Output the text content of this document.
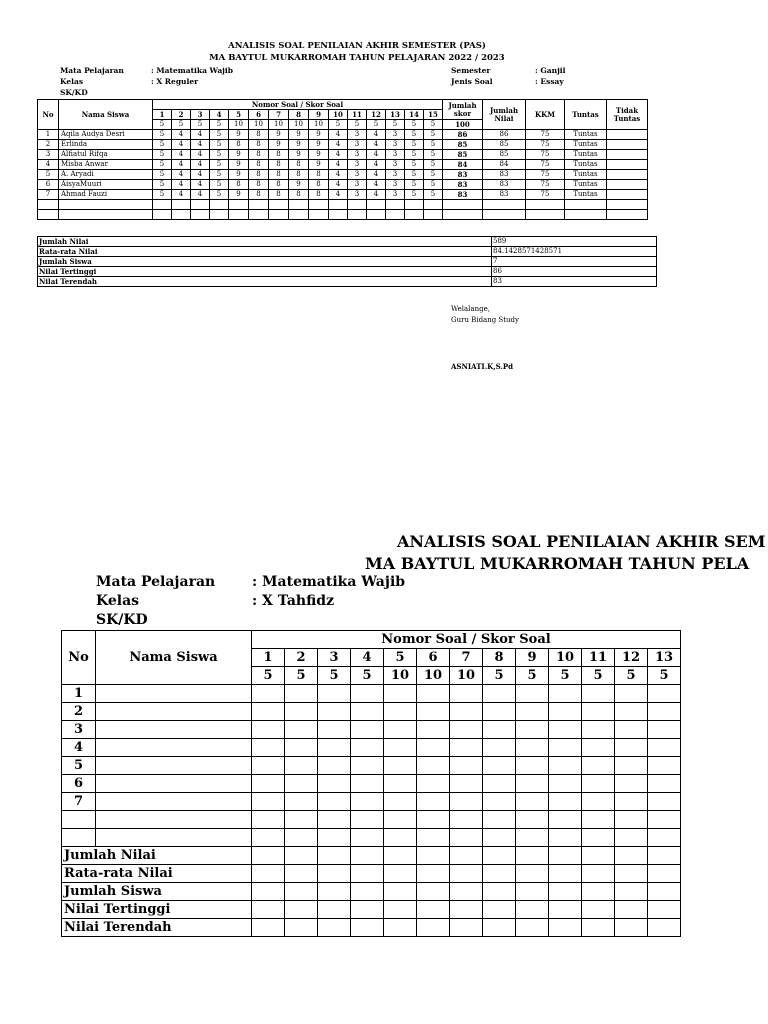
ANALISIS SOAL PENILAIAN AKHIR SEMESTER (PAS)
MA BAYTUL MUKARROMAH TAHUN PELAJARAN 2022 / 2023
Mata Pelajaran	: Matematika Wajib
Kelas	: X Reguler
SK/KD
Semester	: Ganjil
Jenis Soal	: Essay
No	Nama Siswa	Nomor Soal / Skor Soal															Jumlah skor	Jumlah Nilai	KKM	Tuntas	Tidak Tuntas
		1	2	3	4	5	6	7	8	9	10	11	12	13	14	15					
		5	5	5	5	10	10	10	10	10	5	5	5	5	5	5	100				
1	Aqila Audya Desri	5	4	4	5	9	8	9	9	9	4	3	4	3	5	5	86	86	75	Tuntas	
2	Erlinda	5	4	4	5	8	8	9	9	9	4	3	4	3	5	5	85	85	75	Tuntas	
3	Alfiatul Rifqa	5	4	4	5	9	8	8	9	9	4	3	4	3	5	5	85	85	75	Tuntas	
4	Misba Anwar	5	4	4	5	9	8	8	8	9	4	3	4	3	5	5	84	84	75	Tuntas	
5	A. Aryadi	5	4	4	5	9	8	8	8	8	4	3	4	3	5	5	83	83	75	Tuntas	
6	AisyaMuuri	5	4	4	5	8	8	8	9	8	4	3	4	3	5	5	83	83	75	Tuntas	
7	Ahmad Fauzi	5	4	4	5	9	8	8	8	8	4	3	4	3	5	5	83	83	75	Tuntas	

Jumlah Nilai	589
Rata-rata Nilai	84.1428571428571
Jumlah Siswa	7
Nilai Tertinggi	86
Nilai Terendah	83
Welalange,
Guru Bidang Study
ASNIATI.K,S.Pd
ANALISIS SOAL PENILAIAN AKHIR SEM
MA BAYTUL MUKARROMAH TAHUN PELA
Mata Pelajaran	: Matematika Wajib
Kelas	: X Tahfidz
SK/KD
No	Nama Siswa	Nomor Soal / Skor Soal												
		1	2	3	4	5	6	7	8	9	10	11	12	13
		5	5	5	5	10	10	10	5	5	5	5	5	5
1														
2														
3														
4														
5														
6														
7														

Jumlah Nilai														
Rata-rata Nilai														
Jumlah Siswa														
Nilai Tertinggi														
Nilai Terendah														
